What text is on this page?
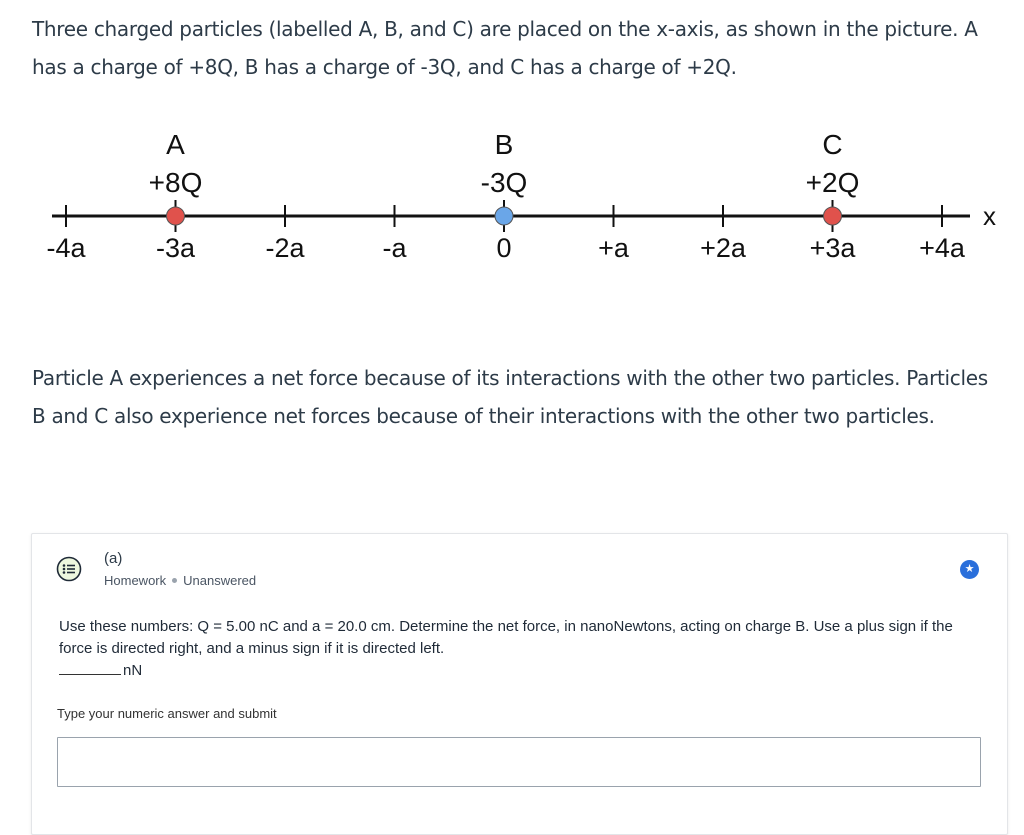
Three charged particles (labelled A, B, and C) are placed on the x-axis, as shown in the picture. A has a charge of +8Q, B has a charge of -3Q, and C has a charge of +2Q.
x
-4a	-3a	-2a	-a	0	+a	+2a +3a +4a
A
+8Q
B
-3Q
C
+2Q
Particle A experiences a net force because of its interactions with the other two particles. Particles B and C also experience net forces because of their interactions with the other two particles.
(a)
Homework Unanswered
★
Use these numbers: Q = 5.00 nC and a = 20.0 cm. Determine the net force, in nanoNewtons, acting on charge B. Use a plus sign if the force is directed right, and a minus sign if it is directed left.
nN
Type your numeric answer and submit
